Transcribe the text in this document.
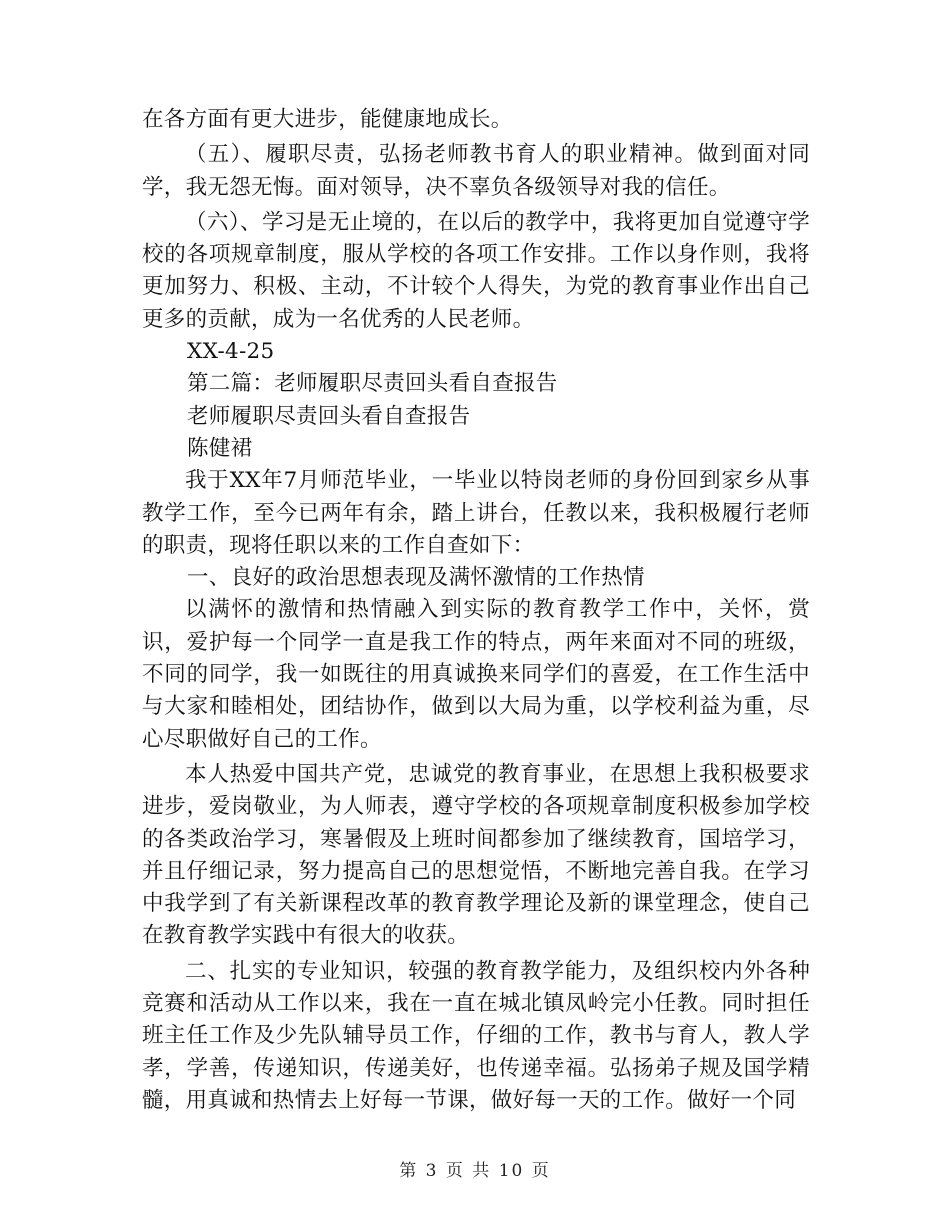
在各方面有更大进步，能健康地成长。

（五）、履职尽责，弘扬老师教书育人的职业精神。做到面对同学，我无怨无悔。面对领导，决不辜负各级领导对我的信任。

（六）、学习是无止境的，在以后的教学中，我将更加自觉遵守学校的各项规章制度，服从学校的各项工作安排。工作以身作则，我将更加努力、积极、主动，不计较个人得失，为党的教育事业作出自己更多的贡献，成为一名优秀的人民老师。

XX-4-25

第二篇：老师履职尽责回头看自查报告

老师履职尽责回头看自查报告

陈健裙

我于XX年7月师范毕业，一毕业以特岗老师的身份回到家乡从事教学工作，至今已两年有余，踏上讲台，任教以来，我积极履行老师的职责，现将任职以来的工作自查如下：

一、良好的政治思想表现及满怀激情的工作热情

以满怀的激情和热情融入到实际的教育教学工作中，关怀，赏识，爱护每一个同学一直是我工作的特点，两年来面对不同的班级，不同的同学，我一如既往的用真诚换来同学们的喜爱，在工作生活中与大家和睦相处，团结协作，做到以大局为重，以学校利益为重，尽心尽职做好自己的工作。

本人热爱中国共产党，忠诚党的教育事业，在思想上我积极要求进步，爱岗敬业，为人师表，遵守学校的各项规章制度积极参加学校的各类政治学习，寒暑假及上班时间都参加了继续教育，国培学习，并且仔细记录，努力提高自己的思想觉悟，不断地完善自我。在学习中我学到了有关新课程改革的教育教学理论及新的课堂理念，使自己在教育教学实践中有很大的收获。

二、扎实的专业知识，较强的教育教学能力，及组织校内外各种竞赛和活动从工作以来，我在一直在城北镇凤岭完小任教。同时担任班主任工作及少先队辅导员工作，仔细的工作，教书与育人，教人学孝，学善，传递知识，传递美好，也传递幸福。弘扬弟子规及国学精髓，用真诚和热情去上好每一节课，做好每一天的工作。做好一个同

第 3 页 共 10 页
